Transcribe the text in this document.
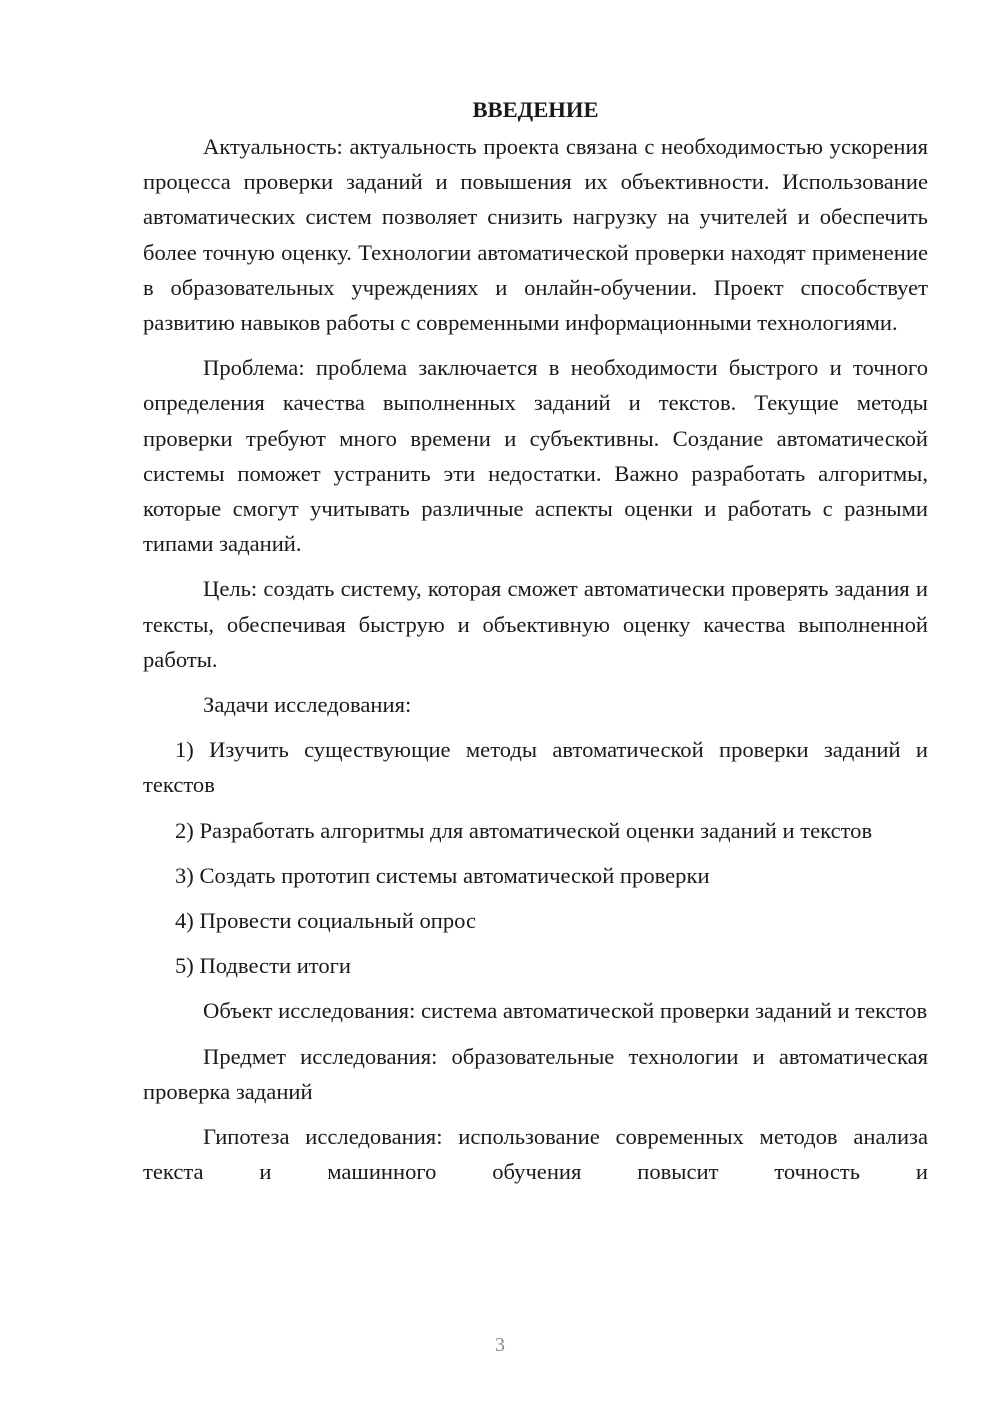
ВВЕДЕНИЕ

Актуальность: актуальность проекта связана с необходимостью ускорения процесса проверки заданий и повышения их объективности. Использование автоматических систем позволяет снизить нагрузку на учителей и обеспечить более точную оценку. Технологии автоматической проверки находят применение в образовательных учреждениях и онлайн-обучении. Проект способствует развитию навыков работы с современными информационными технологиями.

Проблема: проблема заключается в необходимости быстрого и точного определения качества выполненных заданий и текстов. Текущие методы проверки требуют много времени и субъективны. Создание автоматической системы поможет устранить эти недостатки. Важно разработать алгоритмы, которые смогут учитывать различные аспекты оценки и работать с разными типами заданий.

Цель: создать систему, которая сможет автоматически проверять задания и тексты, обеспечивая быструю и объективную оценку качества выполненной работы.

Задачи исследования:

1) Изучить существующие методы автоматической проверки заданий и текстов

2) Разработать алгоритмы для автоматической оценки заданий и текстов

3) Создать прототип системы автоматической проверки

4) Провести социальный опрос

5) Подвести итоги

Объект исследования: система автоматической проверки заданий и текстов

Предмет исследования: образовательные технологии и автоматическая проверка заданий

Гипотеза исследования: использование современных методов анализа текста и машинного обучения повысит точность и

3
